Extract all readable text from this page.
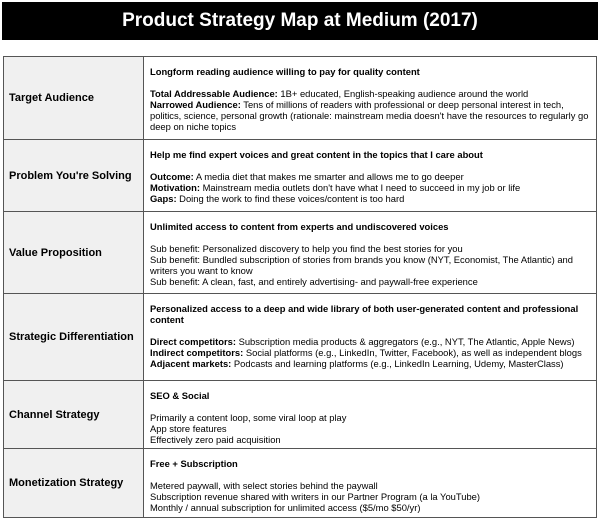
Product Strategy Map at Medium (2017)
Target Audience
Longform reading audience willing to pay for quality content
Total Addressable Audience: 1B+ educated, English-speaking audience around the world
Narrowed Audience: Tens of millions of readers with professional or deep personal interest in tech, politics, science, personal growth (rationale: mainstream media doesn't have the resources to regularly go deep on niche topics
Problem You're Solving
Help me find expert voices and great content in the topics that I care about
Outcome: A media diet that makes me smarter and allows me to go deeper
Motivation: Mainstream media outlets don't have what I need to succeed in my job or life
Gaps: Doing the work to find these voices/content is too hard
Value Proposition
Unlimited access to content from experts and undiscovered voices
Sub benefit: Personalized discovery to help you find the best stories for you
Sub benefit: Bundled subscription of stories from brands you know (NYT, Economist, The Atlantic) and writers you want to know
Sub benefit: A clean, fast, and entirely advertising- and paywall-free experience
Strategic Differentiation
Personalized access to a deep and wide library of both user-generated content and professional content
Direct competitors: Subscription media products & aggregators (e.g., NYT, The Atlantic, Apple News)
Indirect competitors: Social platforms (e.g., LinkedIn, Twitter, Facebook), as well as independent blogs
Adjacent markets: Podcasts and learning platforms (e.g., LinkedIn Learning, Udemy, MasterClass)
Channel Strategy
SEO & Social
Primarily a content loop, some viral loop at play
App store features
Effectively zero paid acquisition
Monetization Strategy
Free + Subscription
Metered paywall, with select stories behind the paywall
Subscription revenue shared with writers in our Partner Program (a la YouTube)
Monthly / annual subscription for unlimited access ($5/mo $50/yr)
